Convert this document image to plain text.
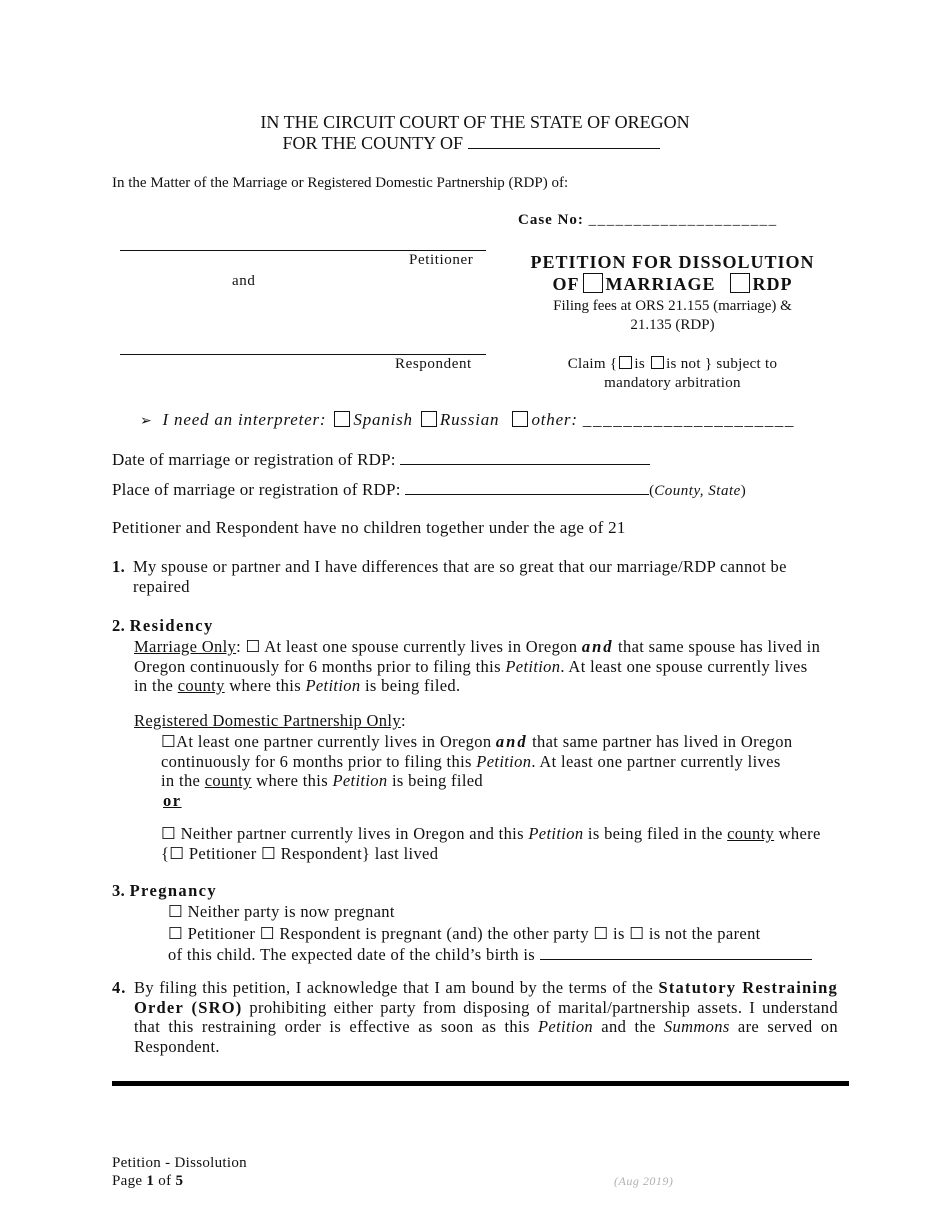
IN THE CIRCUIT COURT OF THE STATE OF OREGON
FOR THE COUNTY OF
In the Matter of the Marriage or Registered Domestic Partnership (RDP) of:
Case No: _____________________
Petitioner
and
Respondent
PETITION FOR DISSOLUTION
OF MARRIAGE RDP
Filing fees at ORS 21.155 (marriage) &
21.135 (RDP)
Claim { is is not } subject to
mandatory arbitration
➢ I need an interpreter: Spanish Russian other: _____________________
Date of marriage or registration of RDP:
Place of marriage or registration of RDP:	(County, State)
Petitioner and Respondent have no children together under the age of 21
1. My spouse or partner and I have differences that are so great that our marriage/RDP cannot be repaired
2. Residency
Marriage Only: ☐ At least one spouse currently lives in Oregon and that same spouse has lived in Oregon continuously for 6 months prior to filing this Petition. At least one spouse currently lives in the county where this Petition is being filed.
Registered Domestic Partnership Only:
☐At least one partner currently lives in Oregon and that same partner has lived in Oregon continuously for 6 months prior to filing this Petition. At least one partner currently lives in the county where this Petition is being filed
or
☐ Neither partner currently lives in Oregon and this Petition is being filed in the county where {☐ Petitioner ☐ Respondent} last lived
3. Pregnancy
☐ Neither party is now pregnant
☐ Petitioner ☐ Respondent is pregnant (and) the other party ☐ is ☐ is not the parent
of this child. The expected date of the child’s birth is
4. By filing this petition, I acknowledge that I am bound by the terms of the Statutory Restraining Order (SRO) prohibiting either party from disposing of marital/partnership assets. I understand that this restraining order is effective as soon as this Petition and the Summons are served on Respondent.
Petition - Dissolution
Page 1 of 5	(Aug 2019)
